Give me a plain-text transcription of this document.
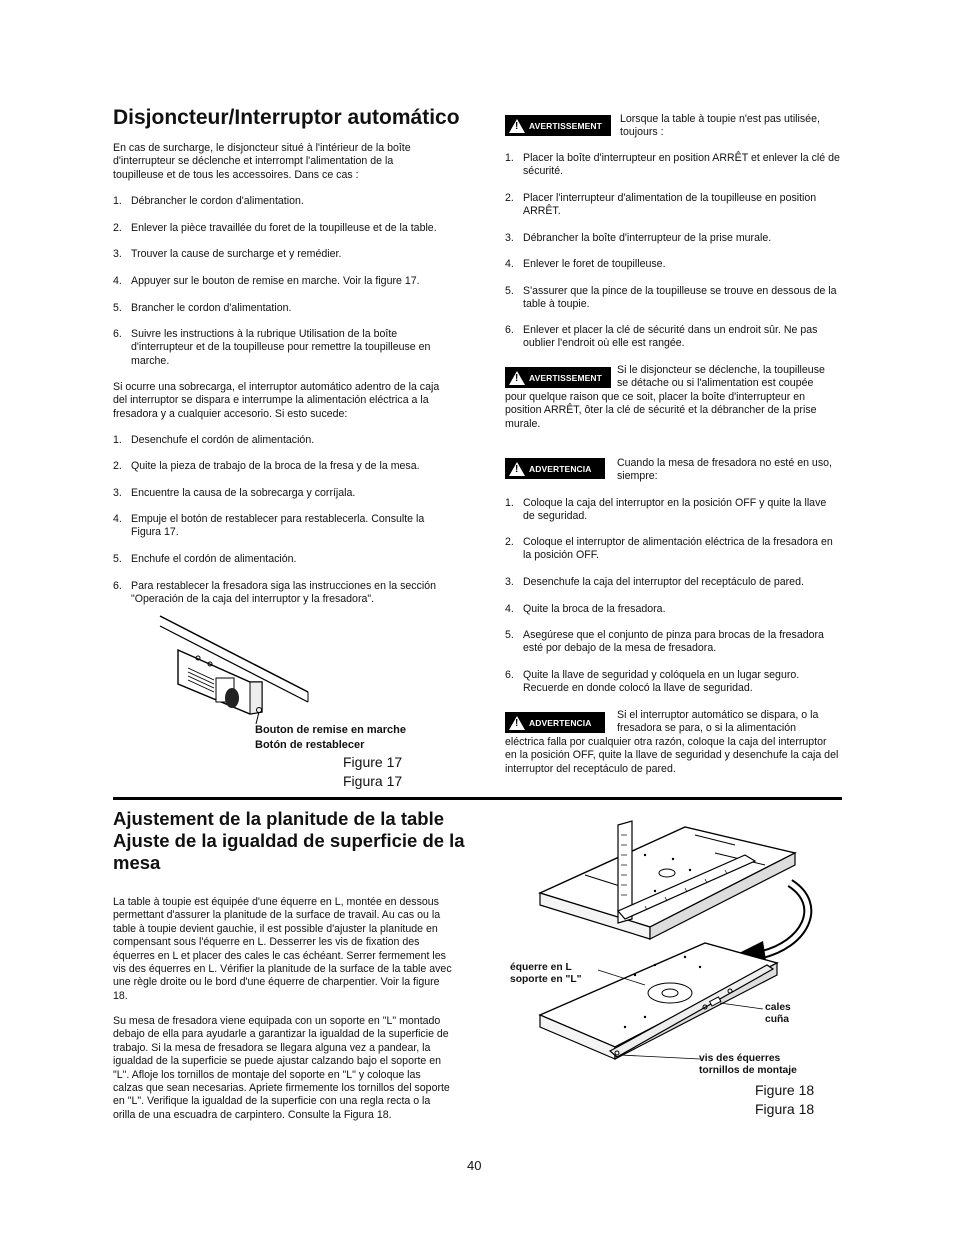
Disjoncteur/Interruptor automático

En cas de surcharge, le disjoncteur situé à l'intérieur de la boîte d'interrupteur se déclenche et interrompt l'alimentation de la toupilleuse et de tous les accessoires. Dans ce cas :

1. Débrancher le cordon d'alimentation.
2. Enlever la pièce travaillée du foret de la toupilleuse et de la table.
3. Trouver la cause de surcharge et y remédier.
4. Appuyer sur le bouton de remise en marche. Voir la figure 17.
5. Brancher le cordon d'alimentation.
6. Suivre les instructions à la rubrique Utilisation de la boîte d'interrupteur et de la toupilleuse pour remettre la toupilleuse en marche.

Si ocurre una sobrecarga, el interruptor automático adentro de la caja del interruptor se dispara e interrumpe la alimentación eléctrica a la fresadora y a cualquier accesorio. Si esto sucede:

1. Desenchufe el cordón de alimentación.
2. Quite la pieza de trabajo de la broca de la fresa y de la mesa.
3. Encuentre la causa de la sobrecarga y corríjala.
4. Empuje el botón de restablecer para restablecerla. Consulte la Figura 17.
5. Enchufe el cordón de alimentación.
6. Para restablecer la fresadora siga las instrucciones en la sección "Operación de la caja del interruptor y la fresadora".
Bouton de remise en marche
Botón de restablecer
Figure 17
Figura 17
! AVERTISSEMENT

Lorsque la table à toupie n'est pas utilisée, toujours :

1. Placer la boîte d'interrupteur en position ARRÊT et enlever la clé de sécurité.
2. Placer l'interrupteur d'alimentation de la toupilleuse en position ARRÊT.
3. Débrancher la boîte d'interrupteur de la prise murale.
4. Enlever le foret de toupilleuse.
5. S'assurer que la pince de la toupilleuse se trouve en dessous de la table à toupie.
6. Enlever et placer la clé de sécurité dans un endroit sûr. Ne pas oublier l'endroit où elle est rangée.
! AVERTISSEMENT

Si le disjoncteur se déclenche, la toupilleuse se détache ou si l'alimentation est coupée

pour quelque raison que ce soit, placer la boîte d'interrupteur en position ARRÊT, ôter la clé de sécurité et la débrancher de la prise murale.

! ADVERTENCIA Cuando la mesa de fresadora no esté en uso, siempre:

1. Coloque la caja del interruptor en la posición OFF y quite la llave de seguridad.
2. Coloque el interruptor de alimentación eléctrica de la fresadora en la posición OFF.
3. Desenchufe la caja del interruptor del receptáculo de pared.
4. Quite la broca de la fresadora.
5. Asegúrese que el conjunto de pinza para brocas de la fresadora esté por debajo de la mesa de fresadora.
6. Quite la llave de seguridad y colóquela en un lugar seguro. Recuerde en donde colocó la llave de seguridad.
! ADVERTENCIA

Si el interruptor automático se dispara, o la fresadora se para, o si la alimentación

eléctrica falla por cualquier otra razón, coloque la caja del interruptor en la posición OFF, quite la llave de seguridad y desenchufe la caja del interruptor del receptáculo de pared.

Ajustement de la planitude de la table
Ajuste de la igualdad de superficie de la mesa

La table à toupie est équipée d'une équerre en L, montée en dessous permettant d'assurer la planitude de la surface de travail. Au cas ou la table à toupie devient gauchie, il est possible d'ajuster la planitude en compensant sous l'équerre en L. Desserrer les vis de fixation des équerres en L et placer des cales le cas échéant. Serrer fermement les vis des équerres en L. Vérifier la planitude de la surface de la table avec une règle droite ou le bord d'une équerre de charpentier. Voir la figure 18.

Su mesa de fresadora viene equipada con un soporte en "L" montado debajo de ella para ayudarle a garantizar la igualdad de la superficie de trabajo. Si la mesa de fresadora se llegara alguna vez a pandear, la igualdad de la superficie se puede ajustar calzando bajo el soporte en "L". Afloje los tornillos de montaje del soporte en "L" y coloque las calzas que sean necesarias. Apriete firmemente los tornillos del soporte en "L". Verifique la igualdad de la superficie con una regla recta o la orilla de una escuadra de carpintero. Consulte la Figura 18.

équerre en L
soporte en "L"
cales
cuña
vis des équerres
tornillos de montaje
Figure 18
Figura 18
40
